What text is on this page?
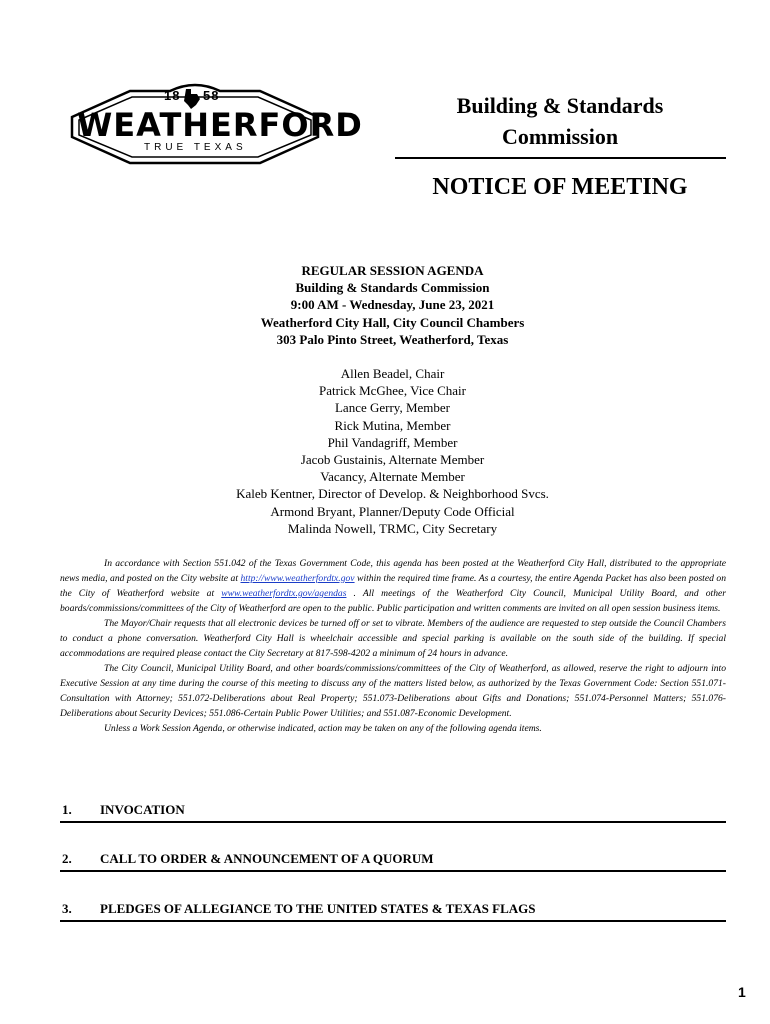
18 58
WEATHERFORD
TRUE TEXAS
Building & Standards
Commission
NOTICE OF MEETING
REGULAR SESSION AGENDA
Building & Standards Commission
9:00 AM - Wednesday, June 23, 2021
Weatherford City Hall, City Council Chambers
303 Palo Pinto Street, Weatherford, Texas
Allen Beadel, Chair
Patrick McGhee, Vice Chair
Lance Gerry, Member
Rick Mutina, Member
Phil Vandagriff, Member
Jacob Gustainis, Alternate Member
Vacancy, Alternate Member
Kaleb Kentner, Director of Develop. & Neighborhood Svcs.
Armond Bryant, Planner/Deputy Code Official
Malinda Nowell, TRMC, City Secretary

In accordance with Section 551.042 of the Texas Government Code, this agenda has been posted at the Weatherford City Hall, distributed to the appropriate news media, and posted on the City website at http://www.weatherfordtx.gov within the required time frame. As a courtesy, the entire Agenda Packet has also been posted on the City of Weatherford website at www.weatherfordtx.gov/agendas . All meetings of the Weatherford City Council, Municipal Utility Board, and other boards/commissions/committees of the City of Weatherford are open to the public. Public participation and written comments are invited on all open session business items.

The Mayor/Chair requests that all electronic devices be turned off or set to vibrate. Members of the audience are requested to step outside the Council Chambers to conduct a phone conversation. Weatherford City Hall is wheelchair accessible and special parking is available on the south side of the building. If special accommodations are required please contact the City Secretary at 817-598-4202 a minimum of 24 hours in advance.

The City Council, Municipal Utility Board, and other boards/commissions/committees of the City of Weatherford, as allowed, reserve the right to adjourn into Executive Session at any time during the course of this meeting to discuss any of the matters listed below, as authorized by the Texas Government Code: Section 551.071-Consultation with Attorney; 551.072-Deliberations about Real Property; 551.073-Deliberations about Gifts and Donations; 551.074-Personnel Matters; 551.076-Deliberations about Security Devices; 551.086-Certain Public Power Utilities; and 551.087-Economic Development.

Unless a Work Session Agenda, or otherwise indicated, action may be taken on any of the following agenda items.

1. INVOCATION
2. CALL TO ORDER & ANNOUNCEMENT OF A QUORUM
3. PLEDGES OF ALLEGIANCE TO THE UNITED STATES & TEXAS FLAGS
1
